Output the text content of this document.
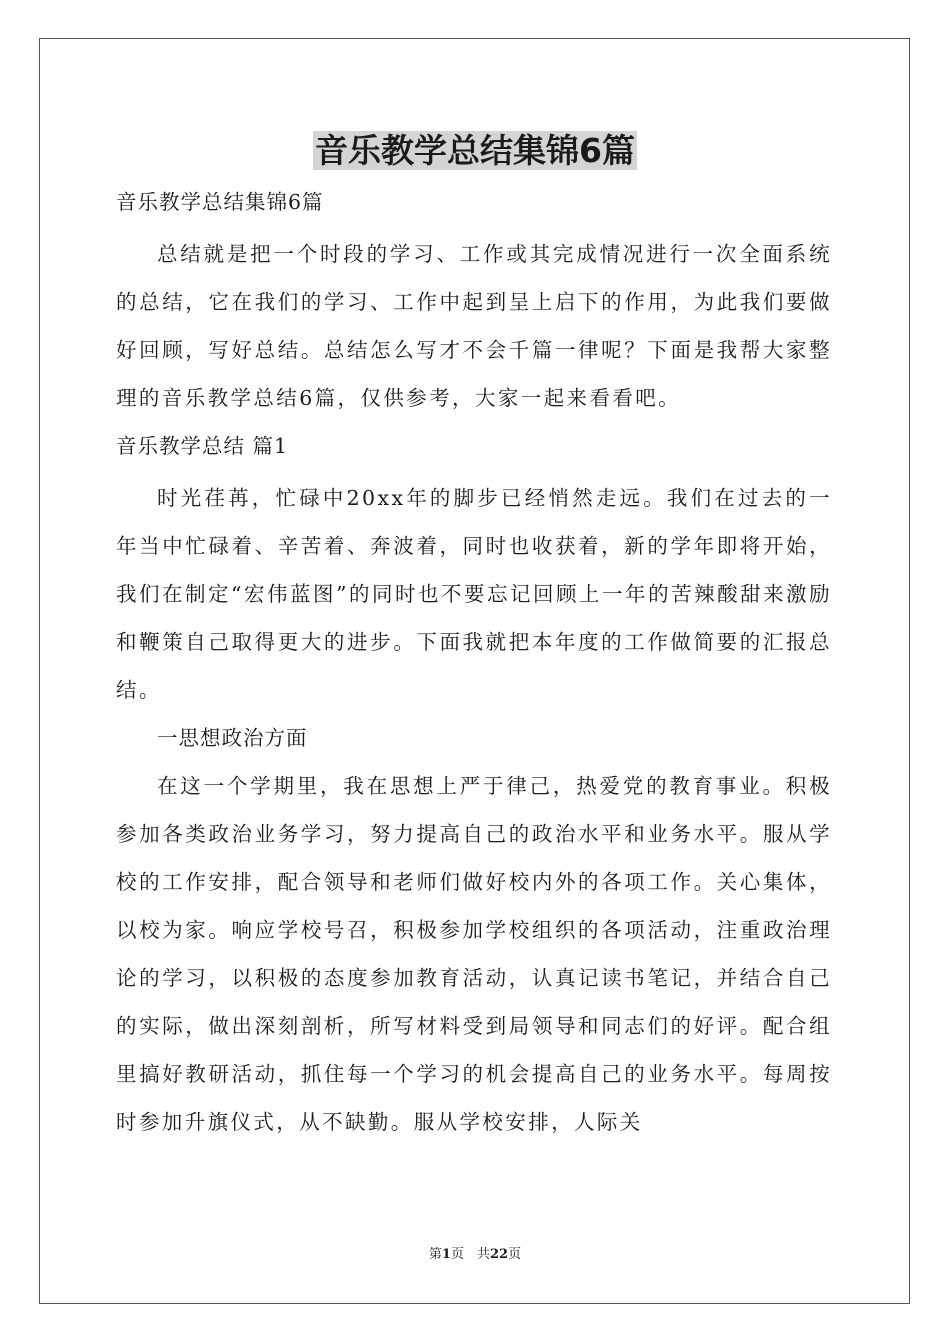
音乐教学总结集锦6篇
音乐教学总结集锦6篇

总结就是把一个时段的学习、工作或其完成情况进行一次全面系统的总结，它在我们的学习、工作中起到呈上启下的作用，为此我们要做好回顾，写好总结。总结怎么写才不会千篇一律呢？下面是我帮大家整理的音乐教学总结6篇，仅供参考，大家一起来看看吧。

音乐教学总结 篇1

时光荏苒，忙碌中20xx年的脚步已经悄然走远。我们在过去的一年当中忙碌着、辛苦着、奔波着，同时也收获着，新的学年即将开始，我们在制定“宏伟蓝图”的同时也不要忘记回顾上一年的苦辣酸甜来激励和鞭策自己取得更大的进步。下面我就把本年度的工作做简要的汇报总结。

一思想政治方面

在这一个学期里，我在思想上严于律己，热爱党的教育事业。积极参加各类政治业务学习，努力提高自己的政治水平和业务水平。服从学校的工作安排，配合领导和老师们做好校内外的各项工作。关心集体，以校为家。响应学校号召，积极参加学校组织的各项活动，注重政治理论的学习，以积极的态度参加教育活动，认真记读书笔记，并结合自己的实际，做出深刻剖析，所写材料受到局领导和同志们的好评。配合组里搞好教研活动，抓住每一个学习的机会提高自己的业务水平。每周按时参加升旗仪式，从不缺勤。服从学校安排，人际关

第1页　共22页
